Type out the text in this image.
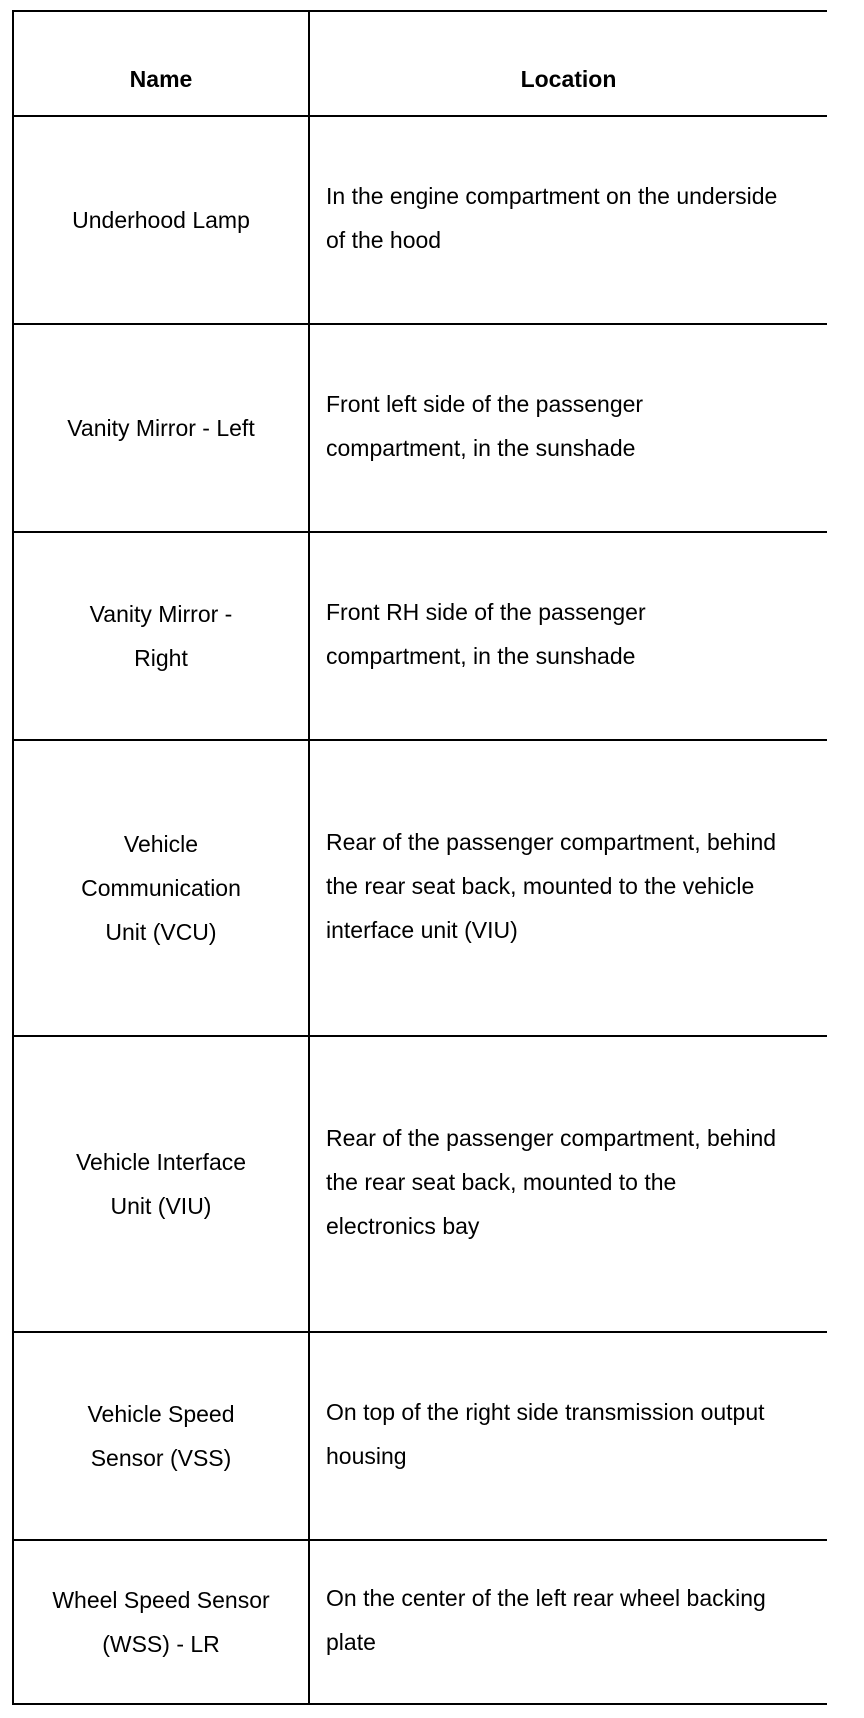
Name	Location
Underhood Lamp	In the engine compartment on the underside of the hood
Vanity Mirror - Left	Front left side of the passenger compartment, in the sunshade
Vanity Mirror - Right	Front RH side of the passenger compartment, in the sunshade
Vehicle Communication Unit (VCU)	Rear of the passenger compartment, behind the rear seat back, mounted to the vehicle interface unit (VIU)
Vehicle Interface Unit (VIU)	Rear of the passenger compartment, behind the rear seat back, mounted to the electronics bay
Vehicle Speed Sensor (VSS)	On top of the right side transmission output housing
Wheel Speed Sensor (WSS) - LR	On the center of the left rear wheel backing plate
